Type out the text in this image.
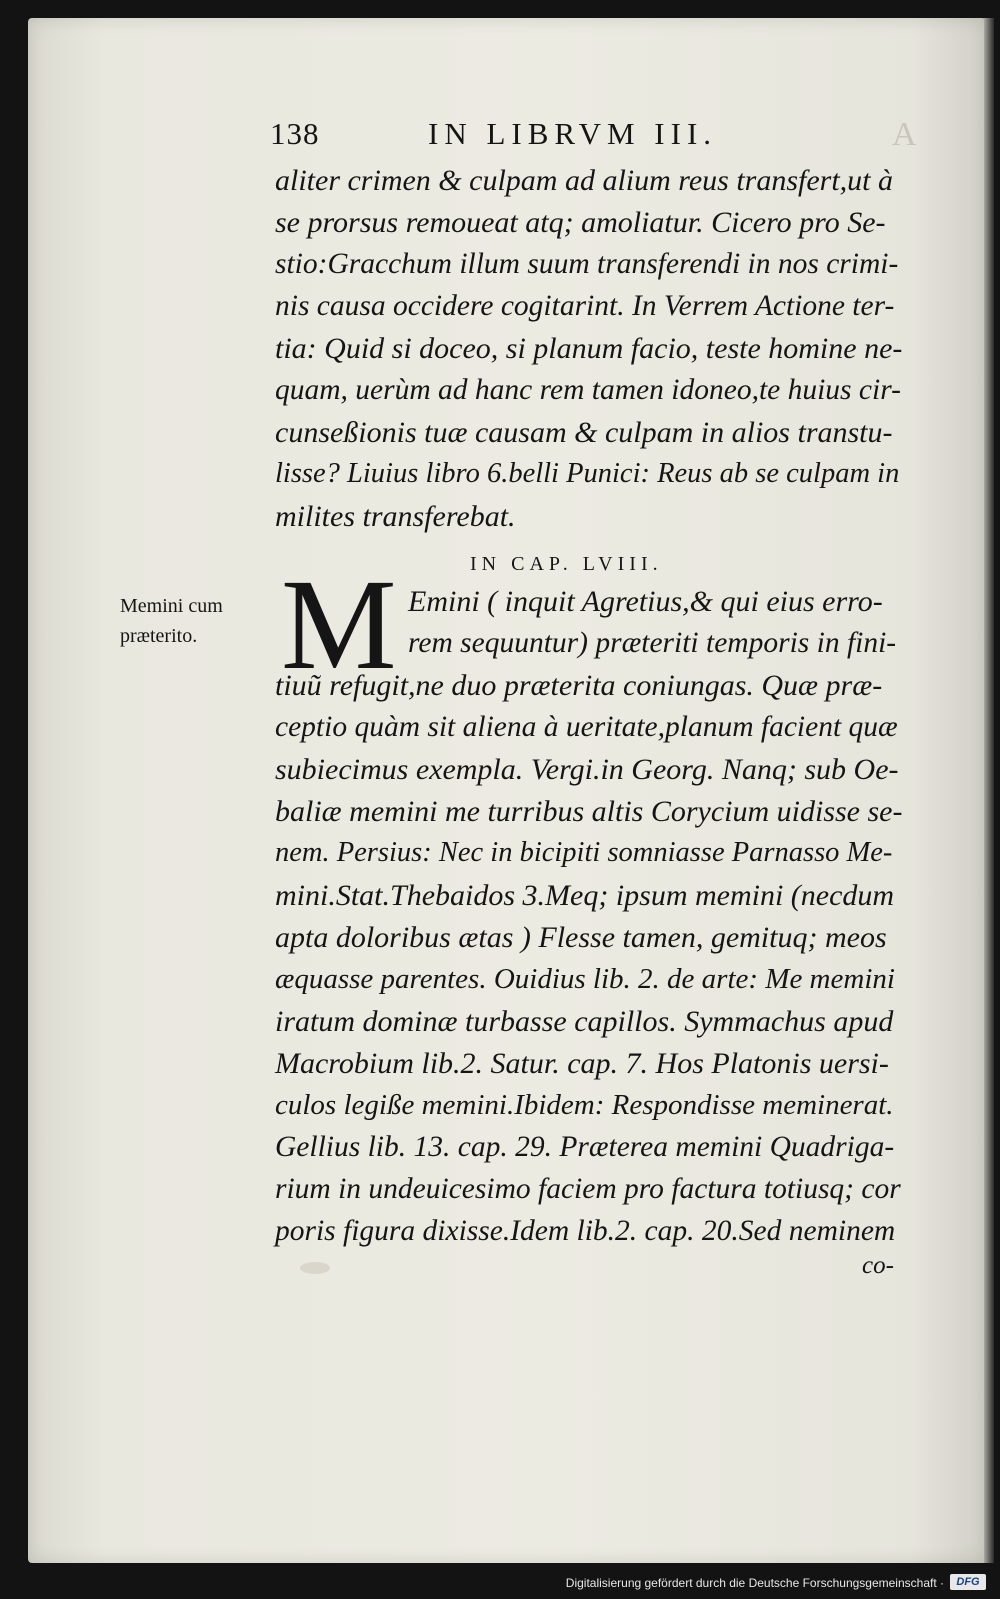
A
138	IN LIBRVM III.
aliter crimen & culpam ad alium reus transfert,ut à
se prorsus remoueat atq; amoliatur. Cicero pro Se-
stio:Gracchum illum suum transferendi in nos crimi-
nis causa occidere cogitarint. In Verrem Actione ter-
tia: Quid si doceo, si planum facio, teste homine ne-
quam, uerùm ad hanc rem tamen idoneo,te huius cir-
cunseßionis tuæ causam & culpam in alios transtu-
lisse? Liuius libro 6.belli Punici: Reus ab se culpam in
milites transferebat.
IN CAP. LVIII.
Memini cum
præterito. M Emini ( inquit Agretius,& qui eius erro-
rem sequuntur) præteriti temporis in fini-
tiuũ refugit,ne duo præterita coniungas. Quæ præ-
ceptio quàm sit aliena à ueritate,planum facient quæ
subiecimus exempla. Vergi.in Georg. Nanq; sub Oe-
baliæ memini me turribus altis Corycium uidisse se-
nem. Persius: Nec in bicipiti somniasse Parnasso Me-
mini.Stat.Thebaidos 3.Meq; ipsum memini (necdum
apta doloribus ætas ) Flesse tamen, gemituq; meos
æquasse parentes. Ouidius lib. 2. de arte: Me memini
iratum dominæ turbasse capillos. Symmachus apud
Macrobium lib.2. Satur. cap. 7. Hos Platonis uersi-
culos legiße memini.Ibidem: Respondisse meminerat.
Gellius lib. 13. cap. 29. Præterea memini Quadriga-
rium in undeuicesimo faciem pro factura totiusq; cor
poris figura dixisse.Idem lib.2. cap. 20.Sed neminem
co-
Digitalisierung gefördert durch die Deutsche Forschungsgemeinschaft ·	DFG
